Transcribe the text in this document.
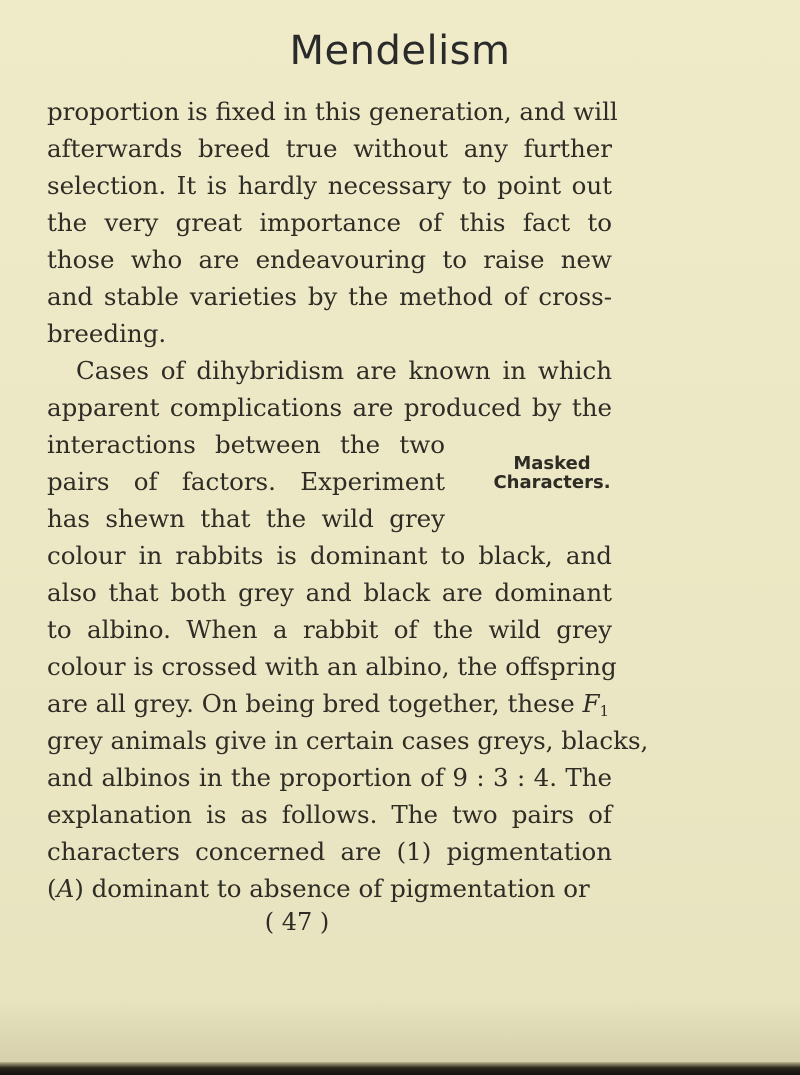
Mendelism
proportion is fixed in this generation, and will
afterwards breed true without any further
selection. It is hardly necessary to point out
the very great importance of this fact to
those who are endeavouring to raise new
and stable varieties by the method of cross-
breeding.
Cases of dihybridism are known in which
apparent complications are produced by the
interactions between the two
pairs of factors. Experiment
has shewn that the wild grey
colour in rabbits is dominant to black, and
also that both grey and black are dominant
to albino. When a rabbit of the wild grey
colour is crossed with an albino, the offspring
are all grey. On being bred together, these $F_1$
grey animals give in certain cases greys, blacks,
and albinos in the proportion of 9 : 3 : 4. The
explanation is as follows. The two pairs of
characters concerned are (1) pigmentation
(A) dominant to absence of pigmentation or
Masked
Characters.
( 47 )
